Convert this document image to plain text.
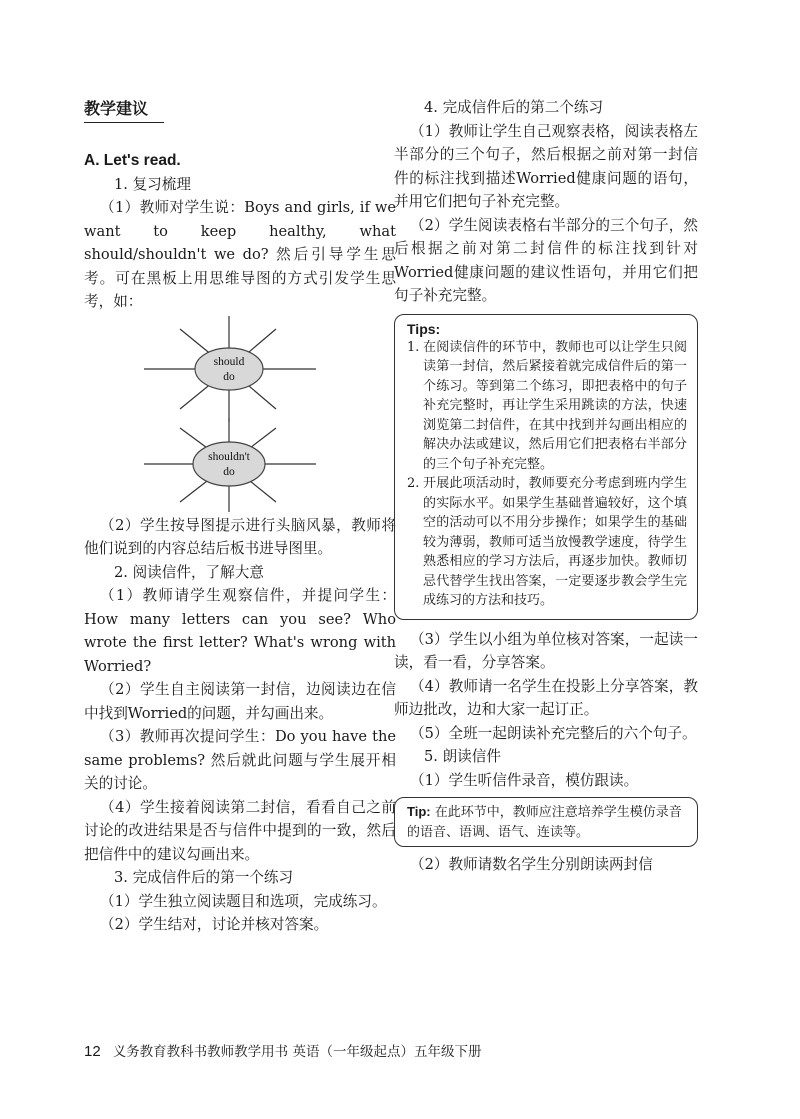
教学建议

A. Let's read.

1. 复习梳理

（1）教师对学生说：Boys and girls, if we want to keep healthy, what should/shouldn't we do? 然后引导学生思考。可在黑板上用思维导图的方式引发学生思考，如：

should
do
shouldn't
do

（2）学生按导图提示进行头脑风暴，教师将他们说到的内容总结后板书进导图里。

2. 阅读信件，了解大意

（1）教师请学生观察信件，并提问学生：How many letters can you see? Who wrote the first letter? What's wrong with Worried?

（2）学生自主阅读第一封信，边阅读边在信中找到Worried的问题，并勾画出来。

（3）教师再次提问学生：Do you have the same problems? 然后就此问题与学生展开相关的讨论。

（4）学生接着阅读第二封信，看看自己之前讨论的改进结果是否与信件中提到的一致，然后把信件中的建议勾画出来。

3. 完成信件后的第一个练习

（1）学生独立阅读题目和选项，完成练习。

（2）学生结对，讨论并核对答案。

4. 完成信件后的第二个练习

（1）教师让学生自己观察表格，阅读表格左半部分的三个句子，然后根据之前对第一封信件的标注找到描述Worried健康问题的语句，并用它们把句子补充完整。

（2）学生阅读表格右半部分的三个句子，然后根据之前对第二封信件的标注找到针对Worried健康问题的建议性语句，并用它们把句子补充完整。

Tips:
1. 在阅读信件的环节中，教师也可以让学生只阅读第一封信，然后紧接着就完成信件后的第一个练习。等到第二个练习，即把表格中的句子补充完整时，再让学生采用跳读的方法，快速浏览第二封信件，在其中找到并勾画出相应的解决办法或建议，然后用它们把表格右半部分的三个句子补充完整。
2. 开展此项活动时，教师要充分考虑到班内学生的实际水平。如果学生基础普遍较好，这个填空的活动可以不用分步操作；如果学生的基础较为薄弱，教师可适当放慢教学速度，待学生熟悉相应的学习方法后，再逐步加快。教师切忌代替学生找出答案，一定要逐步教会学生完成练习的方法和技巧。

（3）学生以小组为单位核对答案，一起读一读，看一看，分享答案。

（4）教师请一名学生在投影上分享答案，教师边批改，边和大家一起订正。

（5）全班一起朗读补充完整后的六个句子。

5. 朗读信件

（1）学生听信件录音，模仿跟读。

Tip: 在此环节中，教师应注意培养学生模仿录音的语音、语调、语气、连读等。

（2）教师请数名学生分别朗读两封信

12 义务教育教科书教师教学用书 英语（一年级起点）五年级下册
